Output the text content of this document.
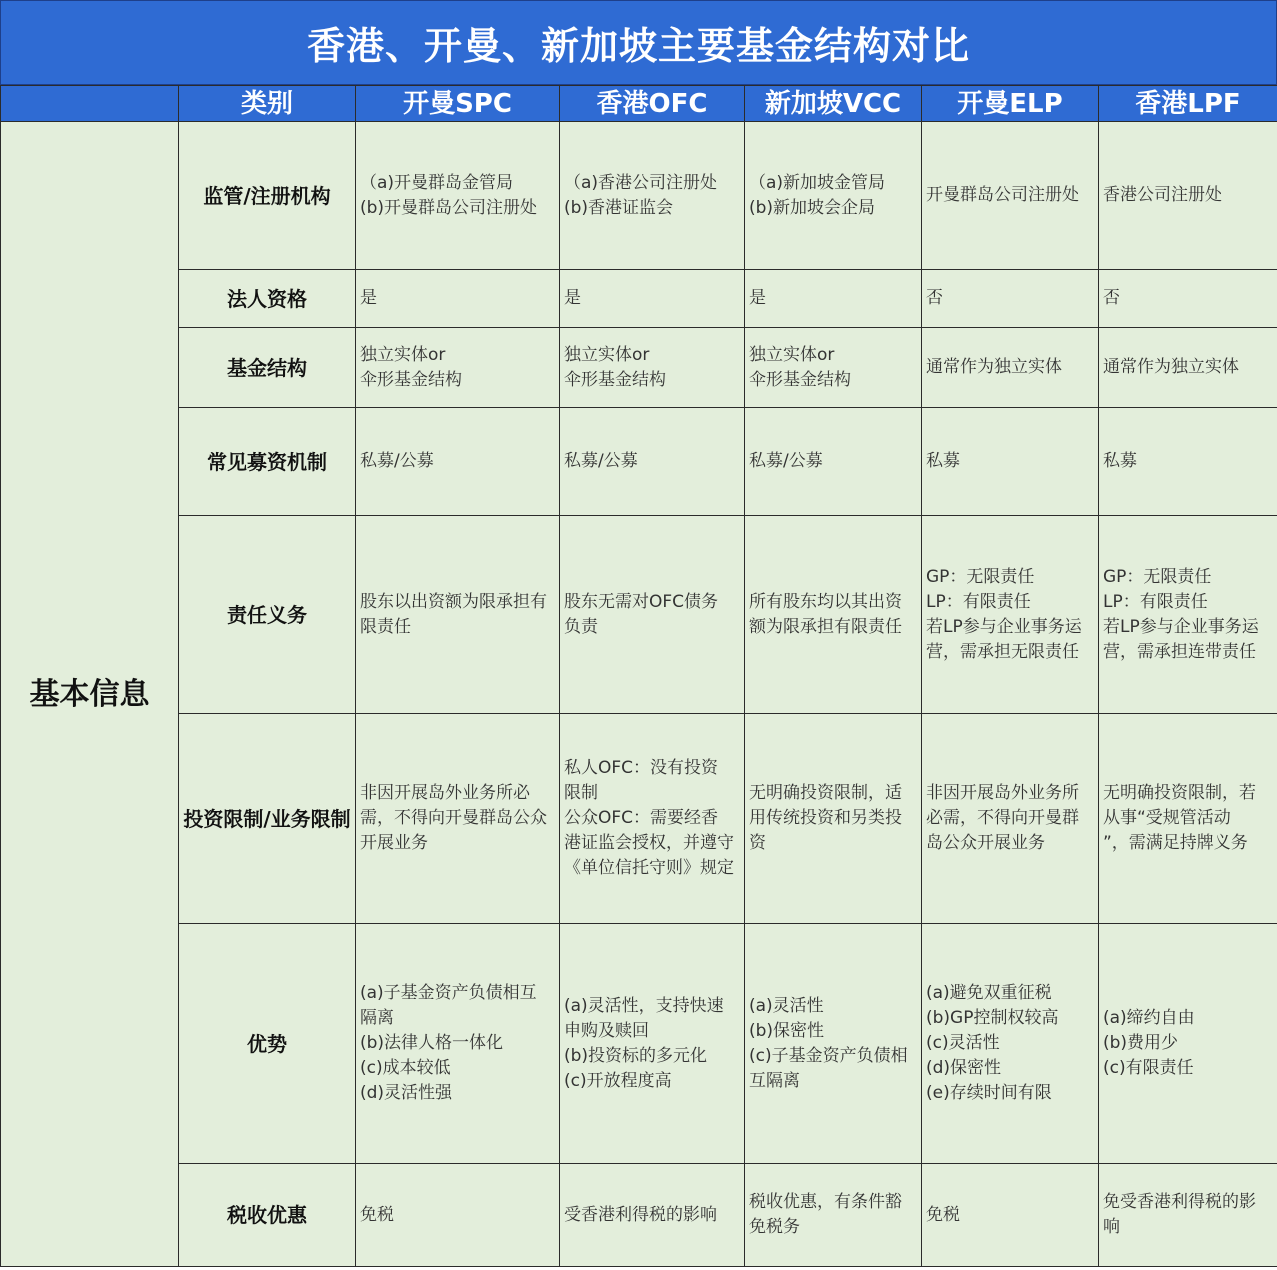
香港、开曼、新加坡主要基金结构对比
	类别	开曼SPC	香港OFC	新加坡VCC	开曼ELP	香港LPF
基本信息	监管/注册机构	（a)开曼群岛金管局
(b)开曼群岛公司注册处	（a)香港公司注册处
(b)香港证监会	（a)新加坡金管局
(b)新加坡会企局	开曼群岛公司注册处	香港公司注册处

	法人资格	是	是	是	否	否

	基金结构	独立实体or
伞形基金结构	独立实体or
伞形基金结构	独立实体or
伞形基金结构	通常作为独立实体	通常作为独立实体

	常见募资机制	私募/公募	私募/公募	私募/公募	私募	私募

	责任义务	股东以出资额为限承担有
限责任	股东无需对OFC债务
负责	所有股东均以其出资
额为限承担有限责任	GP：无限责任
LP：有限责任
若LP参与企业事务运
营，需承担无限责任	GP：无限责任
LP：有限责任
若LP参与企业事务运
营，需承担连带责任

	投资限制/业务限制	非因开展岛外业务所必
需，不得向开曼群岛公众
开展业务	私人OFC：没有投资
限制
公众OFC：需要经香
港证监会授权，并遵守
《单位信托守则》规定	无明确投资限制，适
用传统投资和另类投
资	非因开展岛外业务所
必需，不得向开曼群
岛公众开展业务	无明确投资限制，若
从事“受规管活动
”，需满足持牌义务

	优势	(a)子基金资产负债相互
隔离
(b)法律人格一体化
(c)成本较低
(d)灵活性强	(a)灵活性，支持快速
申购及赎回
(b)投资标的多元化
(c)开放程度高	(a)灵活性
(b)保密性
(c)子基金资产负债相
互隔离	(a)避免双重征税
(b)GP控制权较高
(c)灵活性
(d)保密性
(e)存续时间有限	(a)缔约自由
(b)费用少
(c)有限责任

	税收优惠	免税	受香港利得税的影响	税收优惠，有条件豁
免税务	免税	免受香港利得税的影
响
